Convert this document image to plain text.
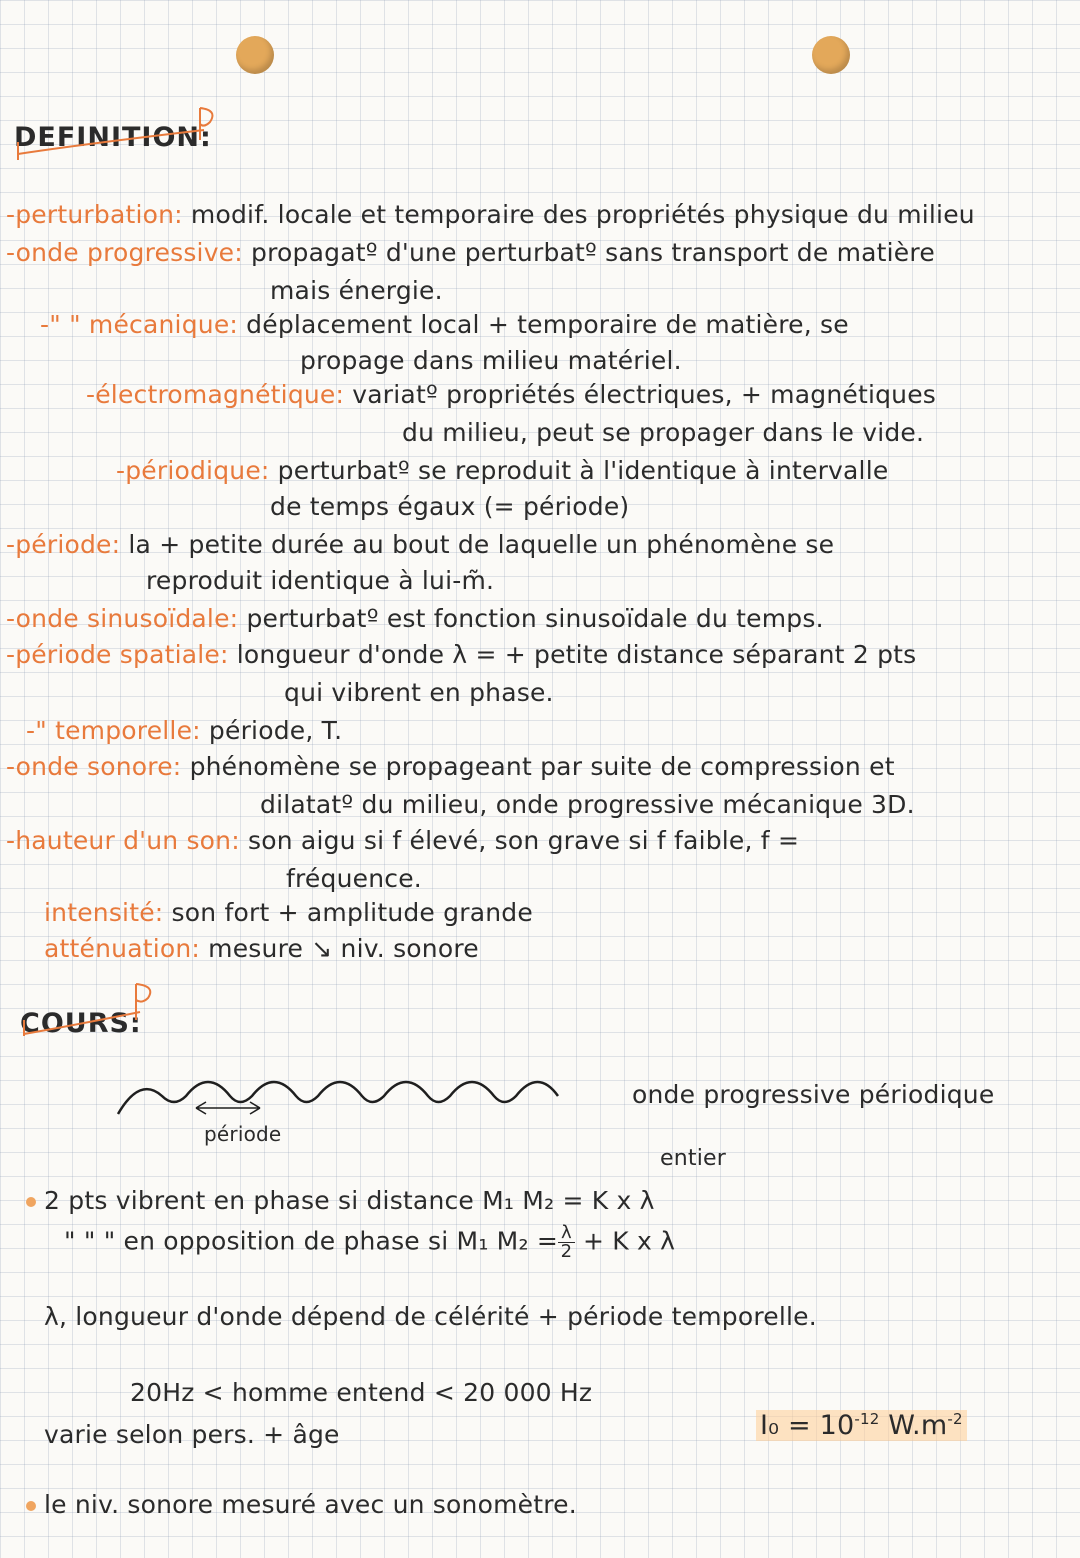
DEFINITION:
-perturbation: modif. locale et temporaire des propriétés physique du milieu
-onde progressive: propagatº d'une perturbatº sans transport de matière
mais énergie.
-" " mécanique: déplacement local + temporaire de matière, se
propage dans milieu matériel.
-électromagnétique: variatº propriétés électriques, + magnétiques
du milieu, peut se propager dans le vide.
-périodique: perturbatº se reproduit à l'identique à intervalle
de temps égaux (= période)
-période: la + petite durée au bout de laquelle un phénomène se
reproduit identique à lui-m̃.
-onde sinusoïdale: perturbatº est fonction sinusoïdale du temps.
-période spatiale: longueur d'onde λ = + petite distance séparant 2 pts
qui vibrent en phase.
-" temporelle: période, T.
-onde sonore: phénomène se propageant par suite de compression et
dilatatº du milieu, onde progressive mécanique 3D.
-hauteur d'un son: son aigu si f élevé, son grave si f faible, f =
fréquence.
intensité: son fort + amplitude grande
atténuation: mesure ↘ niv. sonore
COURS:
période
onde progressive périodique
entier
2 pts vibrent en phase si distance M₁ M₂ = K x λ
" " " en opposition de phase si M₁ $M_2 = \frac{\lambda}{2} + K$ x λ
λ, longueur d'onde dépend de célérité + période temporelle.
20Hz < homme entend < 20 000 Hz
varie selon pers. + âge	$I_0 = 10^{-12}$ $W.m^{-2}$
le niv. sonore mesuré avec un sonomètre.
